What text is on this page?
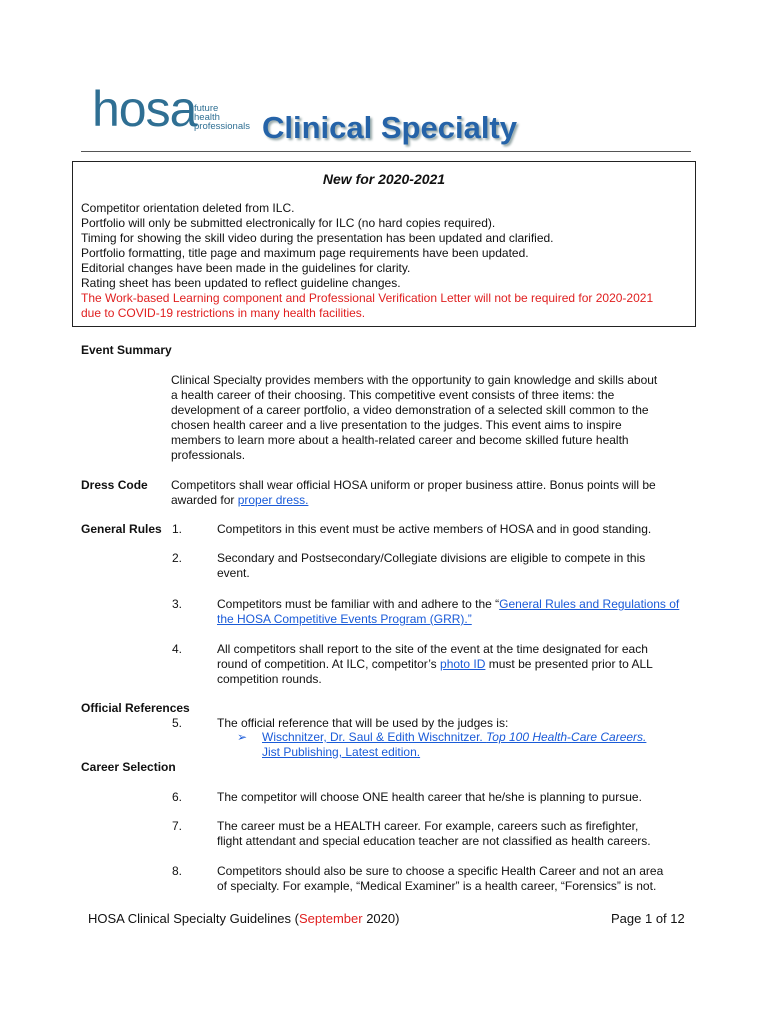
hosa
future
health
professionals Clinical Specialty
New for 2020-2021
Competitor orientation deleted from ILC.
Portfolio will only be submitted electronically for ILC (no hard copies required).
Timing for showing the skill video during the presentation has been updated and clarified.
Portfolio formatting, title page and maximum page requirements have been updated.
Editorial changes have been made in the guidelines for clarity.
Rating sheet has been updated to reflect guideline changes.
The Work-based Learning component and Professional Verification Letter will not be required for 2020-2021
due to COVID-19 restrictions in many health facilities.
Event Summary
Clinical Specialty provides members with the opportunity to gain knowledge and skills about
a health career of their choosing. This competitive event consists of three items: the
development of a career portfolio, a video demonstration of a selected skill common to the
chosen health career and a live presentation to the judges. This event aims to inspire
members to learn more about a health-related career and become skilled future health
professionals.
Dress Code Competitors shall wear official HOSA uniform or proper business attire. Bonus points will be
awarded for proper dress.
General Rules 1.	Competitors in this event must be active members of HOSA and in good standing.
2.	Secondary and Postsecondary/Collegiate divisions are eligible to compete in this
event.
3.	Competitors must be familiar with and adhere to the “General Rules and Regulations of
the HOSA Competitive Events Program (GRR).”
4.	All competitors shall report to the site of the event at the time designated for each
round of competition. At ILC, competitor’s photo ID must be presented prior to ALL
competition rounds.
Official References
5.	The official reference that will be used by the judges is:
➢ Wischnitzer, Dr. Saul & Edith Wischnitzer. Top 100 Health-Care Careers.
Jist Publishing, Latest edition.
Career Selection
6.	The competitor will choose ONE health career that he/she is planning to pursue.
7.	The career must be a HEALTH career. For example, careers such as firefighter,
flight attendant and special education teacher are not classified as health careers.
8.	Competitors should also be sure to choose a specific Health Career and not an area
of specialty. For example, “Medical Examiner” is a health career, “Forensics” is not.
HOSA Clinical Specialty Guidelines (September 2020)	Page 1 of 12
